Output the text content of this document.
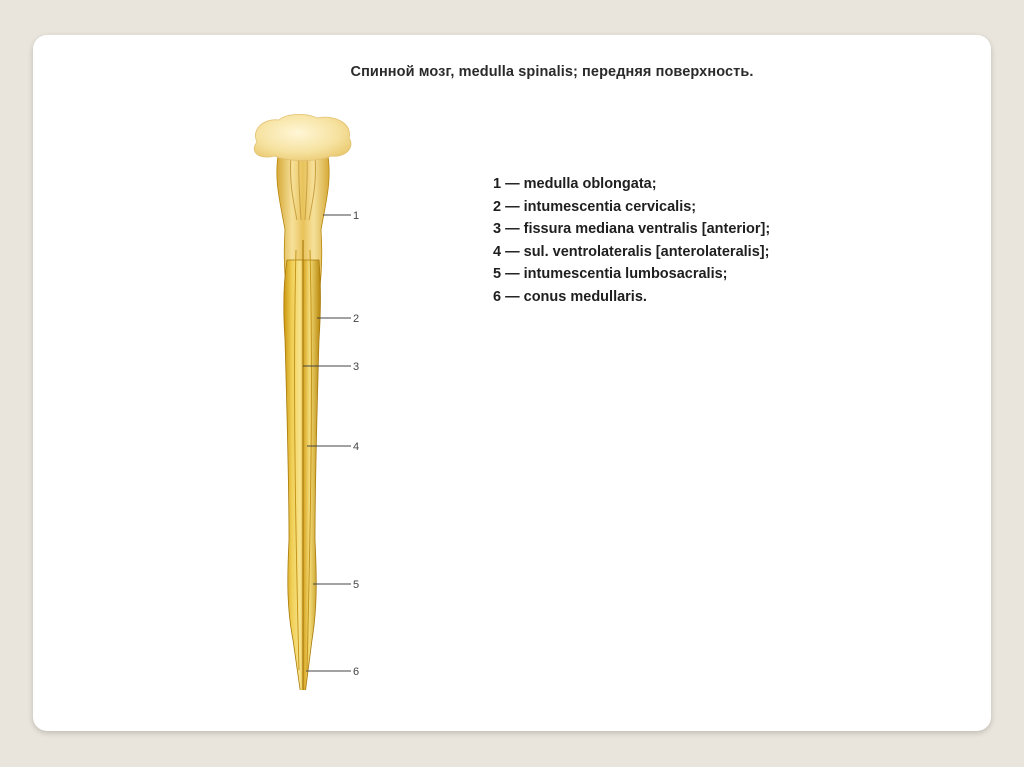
Спинной мозг, medulla spinalis; передняя поверхность.
1
2
3
4
5
6
1 — medulla oblongata;
2 — intumescentia cervicalis;
3 — fissura mediana ventralis [anterior];
4 — sul. ventrolateralis [anterolateralis];
5 — intumescentia lumbosacralis;
6 — conus medullaris.
